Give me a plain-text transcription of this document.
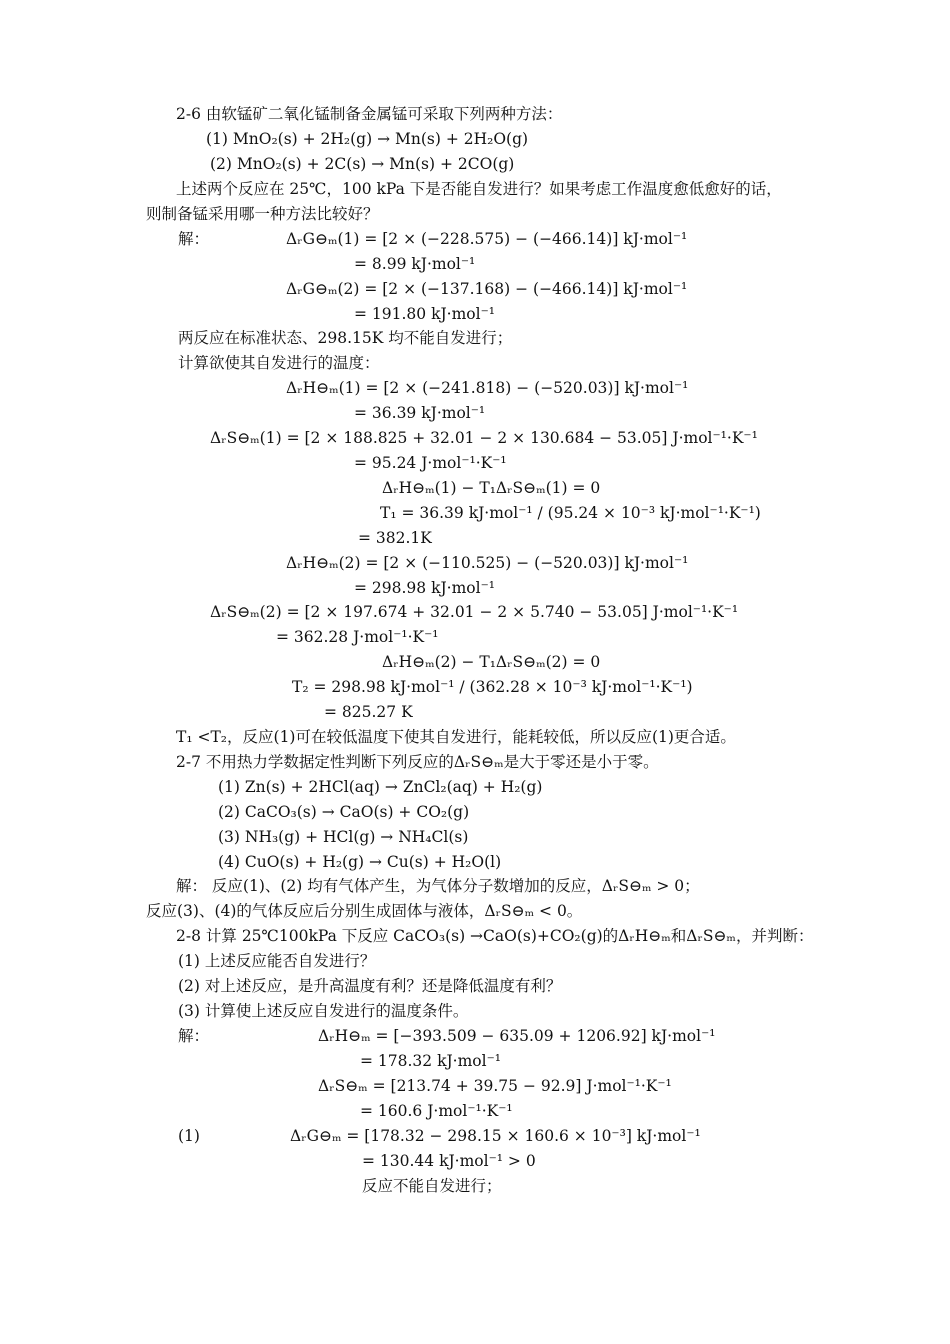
2-6 由软锰矿二氧化锰制备金属锰可采取下列两种方法：
(1) MnO₂(s) + 2H₂(g) → Mn(s) + 2H₂O(g)
(2) MnO₂(s) + 2C(s) → Mn(s) + 2CO(g)
上述两个反应在 25℃，100 kPa 下是否能自发进行？如果考虑工作温度愈低愈好的话，
则制备锰采用哪一种方法比较好？
解：	ΔᵣG⊖ₘ(1) = [2 × (−228.575) − (−466.14)] kJ·mol⁻¹
= 8.99 kJ·mol⁻¹
ΔᵣG⊖ₘ(2) = [2 × (−137.168) − (−466.14)] kJ·mol⁻¹
= 191.80 kJ·mol⁻¹
两反应在标准状态、298.15K 均不能自发进行；
计算欲使其自发进行的温度：
ΔᵣH⊖ₘ(1) = [2 × (−241.818) − (−520.03)] kJ·mol⁻¹
= 36.39 kJ·mol⁻¹
ΔᵣS⊖ₘ(1) = [2 × 188.825 + 32.01 − 2 × 130.684 − 53.05] J·mol⁻¹·K⁻¹
= 95.24 J·mol⁻¹·K⁻¹
ΔᵣH⊖ₘ(1) − T₁ΔᵣS⊖ₘ(1) = 0
T₁ = 36.39 kJ·mol⁻¹ / (95.24 × 10⁻³ kJ·mol⁻¹·K⁻¹)
= 382.1K
ΔᵣH⊖ₘ(2) = [2 × (−110.525) − (−520.03)] kJ·mol⁻¹
= 298.98 kJ·mol⁻¹
ΔᵣS⊖ₘ(2) = [2 × 197.674 + 32.01 − 2 × 5.740 − 53.05] J·mol⁻¹·K⁻¹
= 362.28 J·mol⁻¹·K⁻¹
ΔᵣH⊖ₘ(2) − T₁ΔᵣS⊖ₘ(2) = 0
T₂ = 298.98 kJ·mol⁻¹ / (362.28 × 10⁻³ kJ·mol⁻¹·K⁻¹)
= 825.27 K
T₁ <T₂，反应(1)可在较低温度下使其自发进行，能耗较低，所以反应(1)更合适。
2-7 不用热力学数据定性判断下列反应的ΔᵣS⊖ₘ是大于零还是小于零。
(1) Zn(s) + 2HCl(aq) → ZnCl₂(aq) + H₂(g)
(2) CaCO₃(s) → CaO(s) + CO₂(g)
(3) NH₃(g) + HCl(g) → NH₄Cl(s)
(4) CuO(s) + H₂(g) → Cu(s) + H₂O(l)
解： 反应(1)、(2) 均有气体产生，为气体分子数增加的反应，ΔᵣS⊖ₘ > 0；
反应(3)、(4)的气体反应后分别生成固体与液体，ΔᵣS⊖ₘ < 0。
2-8 计算 25℃100kPa 下反应 CaCO₃(s) →CaO(s)+CO₂(g)的ΔᵣH⊖ₘ和ΔᵣS⊖ₘ，并判断：
(1) 上述反应能否自发进行？
(2) 对上述反应，是升高温度有利？还是降低温度有利？
(3) 计算使上述反应自发进行的温度条件。
解：	ΔᵣH⊖ₘ = [−393.509 − 635.09 + 1206.92] kJ·mol⁻¹
= 178.32 kJ·mol⁻¹
ΔᵣS⊖ₘ = [213.74 + 39.75 − 92.9] J·mol⁻¹·K⁻¹
= 160.6 J·mol⁻¹·K⁻¹
(1)	ΔᵣG⊖ₘ = [178.32 − 298.15 × 160.6 × 10⁻³] kJ·mol⁻¹
= 130.44 kJ·mol⁻¹ > 0
反应不能自发进行；
